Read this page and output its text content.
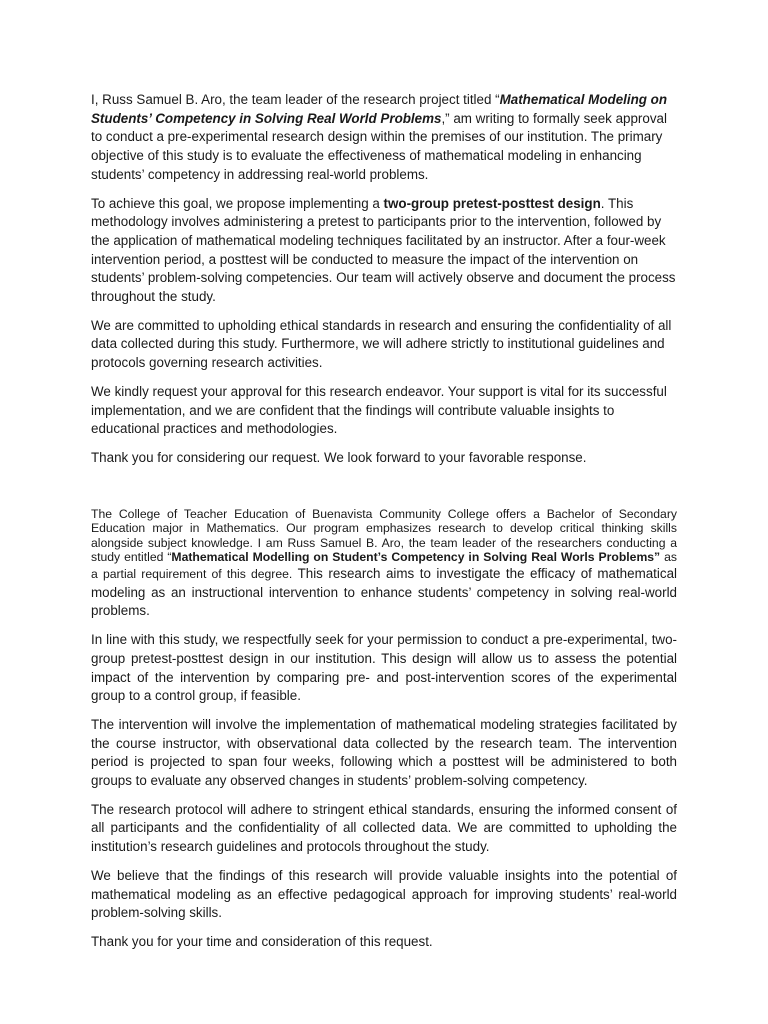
I, Russ Samuel B. Aro, the team leader of the research project titled “Mathematical Modeling on Students’ Competency in Solving Real World Problems,” am writing to formally seek approval to conduct a pre-experimental research design within the premises of our institution. The primary objective of this study is to evaluate the effectiveness of mathematical modeling in enhancing students’ competency in addressing real-world problems.

To achieve this goal, we propose implementing a two-group pretest-posttest design. This methodology involves administering a pretest to participants prior to the intervention, followed by the application of mathematical modeling techniques facilitated by an instructor. After a four-week intervention period, a posttest will be conducted to measure the impact of the intervention on students’ problem-solving competencies. Our team will actively observe and document the process throughout the study.

We are committed to upholding ethical standards in research and ensuring the confidentiality of all data collected during this study. Furthermore, we will adhere strictly to institutional guidelines and protocols governing research activities.

We kindly request your approval for this research endeavor. Your support is vital for its successful implementation, and we are confident that the findings will contribute valuable insights to educational practices and methodologies.

Thank you for considering our request. We look forward to your favorable response.

The College of Teacher Education of Buenavista Community College offers a Bachelor of Secondary Education major in Mathematics. Our program emphasizes research to develop critical thinking skills alongside subject knowledge. I am Russ Samuel B. Aro, the team leader of the researchers conducting a study entitled “Mathematical Modelling on Student’s Competency in Solving Real Worls Problems” as a partial requirement of this degree. This research aims to investigate the efficacy of mathematical modeling as an instructional intervention to enhance students’ competency in solving real-world problems.

In line with this study, we respectfully seek for your permission to conduct a pre-experimental, two-group pretest-posttest design in our institution. This design will allow us to assess the potential impact of the intervention by comparing pre- and post-intervention scores of the experimental group to a control group, if feasible.

The intervention will involve the implementation of mathematical modeling strategies facilitated by the course instructor, with observational data collected by the research team. The intervention period is projected to span four weeks, following which a posttest will be administered to both groups to evaluate any observed changes in students’ problem-solving competency.

The research protocol will adhere to stringent ethical standards, ensuring the informed consent of all participants and the confidentiality of all collected data. We are committed to upholding the institution’s research guidelines and protocols throughout the study.

We believe that the findings of this research will provide valuable insights into the potential of mathematical modeling as an effective pedagogical approach for improving students’ real-world problem-solving skills.

Thank you for your time and consideration of this request.
